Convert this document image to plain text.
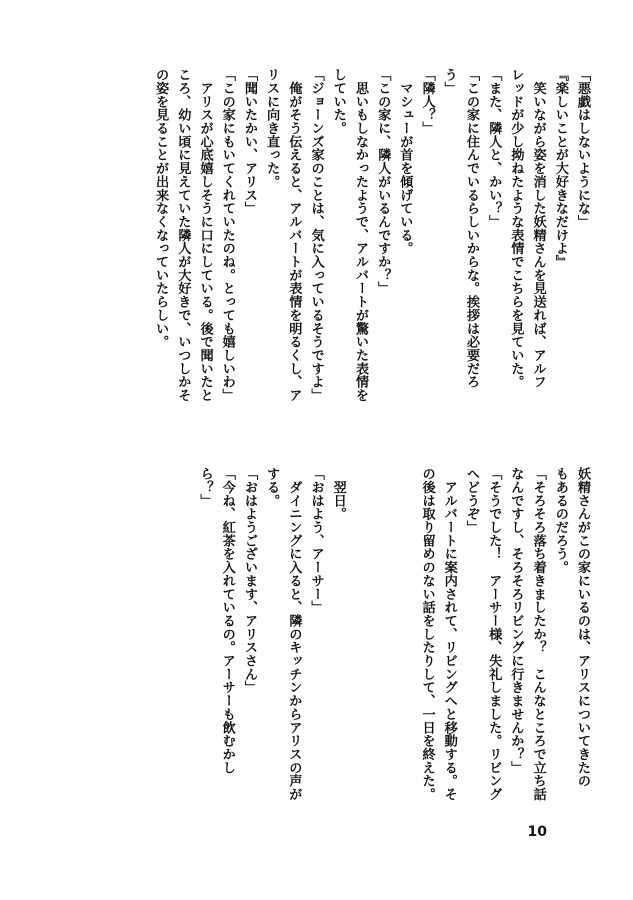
「悪戯はしないようにな」
『楽しいことが大好きなだけよ』
　笑いながら姿を消した妖精さんを見送れば、アルフ
レッドが少し拗ねたような表情でこちらを見ていた。
「また、隣人と、かい？」
「この家に住んでいるらしいからな。挨拶は必要だろ
う」
「隣人？」
　マシューが首を傾げている。
「この家に、隣人がいるんですか？」
　思いもしなかったようで、アルバートが驚いた表情を
していた。
「ジョーンズ家のことは、気に入っているそうですよ」
　俺がそう伝えると、アルバートが表情を明るくし、ア
リスに向き直った。
「聞いたかい、アリス」
「この家にもいてくれていたのね。とっても嬉しいわ」
　アリスが心底嬉しそうに口にしている。後で聞いたと
ころ、幼い頃に見えていた隣人が大好きで、いつしかそ
の姿を見ることが出来なくなっていたらしい。
妖精さんがこの家にいるのは、アリスについてきたの
もあるのだろう。
「そろそろ落ち着きましたか？　こんなところで立ち話
なんですし、そろそろリビングに行きませんか？」
「そうでした！　アーサー様、失礼しました。リビング
へどうぞ」
　アルバートに案内されて、リビングへと移動する。そ
の後は取り留めのない話をしたりして、一日を終えた。
　翌日。
「おはよう、アーサー」
　ダイニングに入ると、隣のキッチンからアリスの声が
する。
「おはようございます、アリスさん」
「今ね、紅茶を入れているの。アーサーも飲むかし
ら？」
10
